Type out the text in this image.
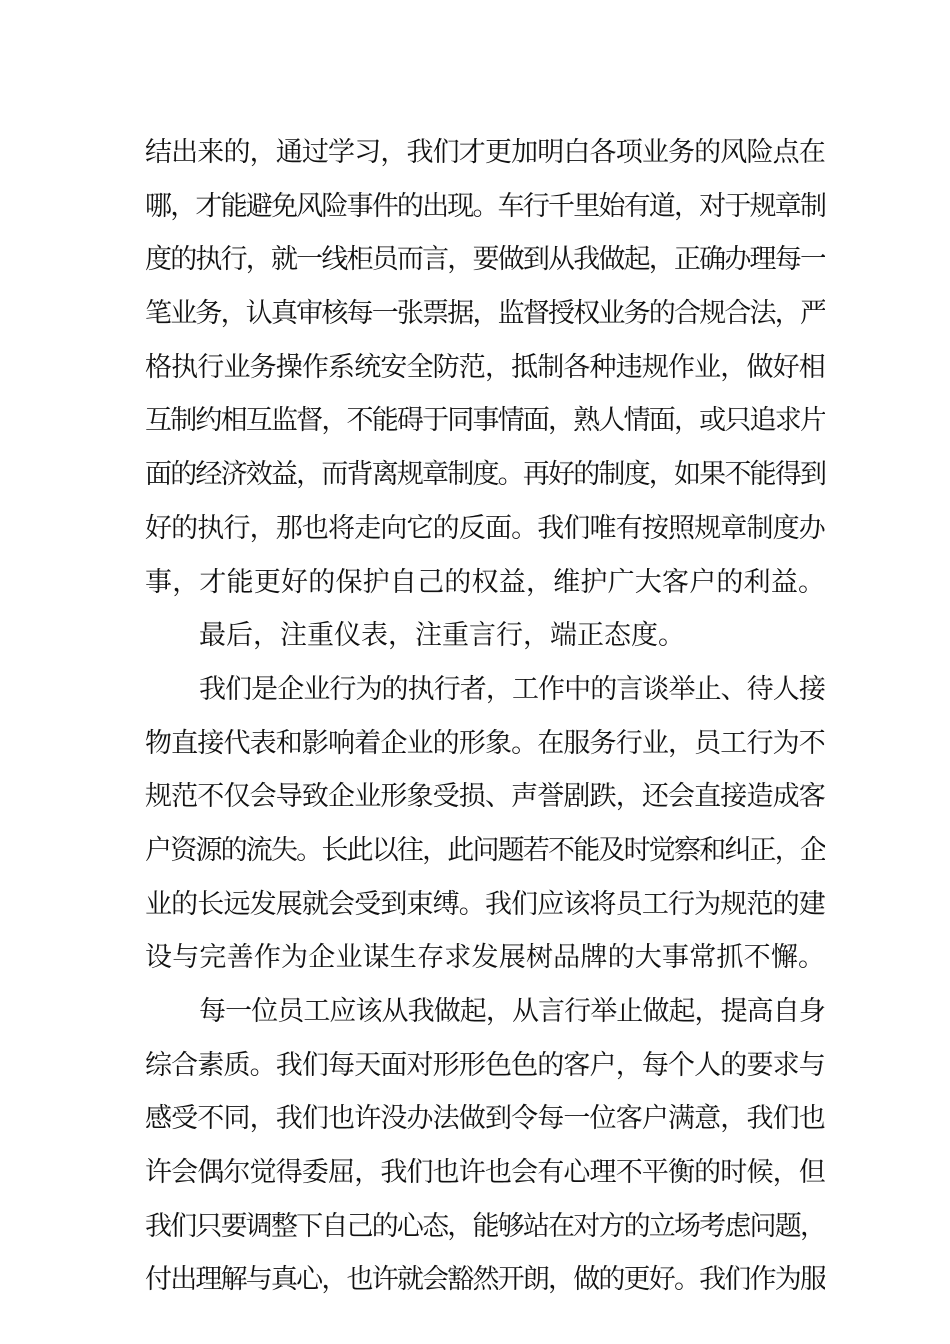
结出来的，通过学习，我们才更加明白各项业务的风险点在
哪，才能避免风险事件的出现。车行千里始有道，对于规章制
度的执行，就一线柜员而言，要做到从我做起，正确办理每一
笔业务，认真审核每一张票据，监督授权业务的合规合法，严
格执行业务操作系统安全防范，抵制各种违规作业，做好相
互制约相互监督，不能碍于同事情面，熟人情面，或只追求片
面的经济效益，而背离规章制度。再好的制度，如果不能得到
好的执行，那也将走向它的反面。我们唯有按照规章制度办
事，才能更好的保护自己的权益，维护广大客户的利益。
最后，注重仪表，注重言行，端正态度。
我们是企业行为的执行者，工作中的言谈举止、待人接
物直接代表和影响着企业的形象。在服务行业，员工行为不
规范不仅会导致企业形象受损、声誉剧跌，还会直接造成客
户资源的流失。长此以往，此问题若不能及时觉察和纠正，企
业的长远发展就会受到束缚。我们应该将员工行为规范的建
设与完善作为企业谋生存求发展树品牌的大事常抓不懈。
每一位员工应该从我做起，从言行举止做起，提高自身
综合素质。我们每天面对形形色色的客户，每个人的要求与
感受不同，我们也许没办法做到令每一位客户满意，我们也
许会偶尔觉得委屈，我们也许也会有心理不平衡的时候，但
我们只要调整下自己的心态，能够站在对方的立场考虑问题，
付出理解与真心，也许就会豁然开朗，做的更好。我们作为服
